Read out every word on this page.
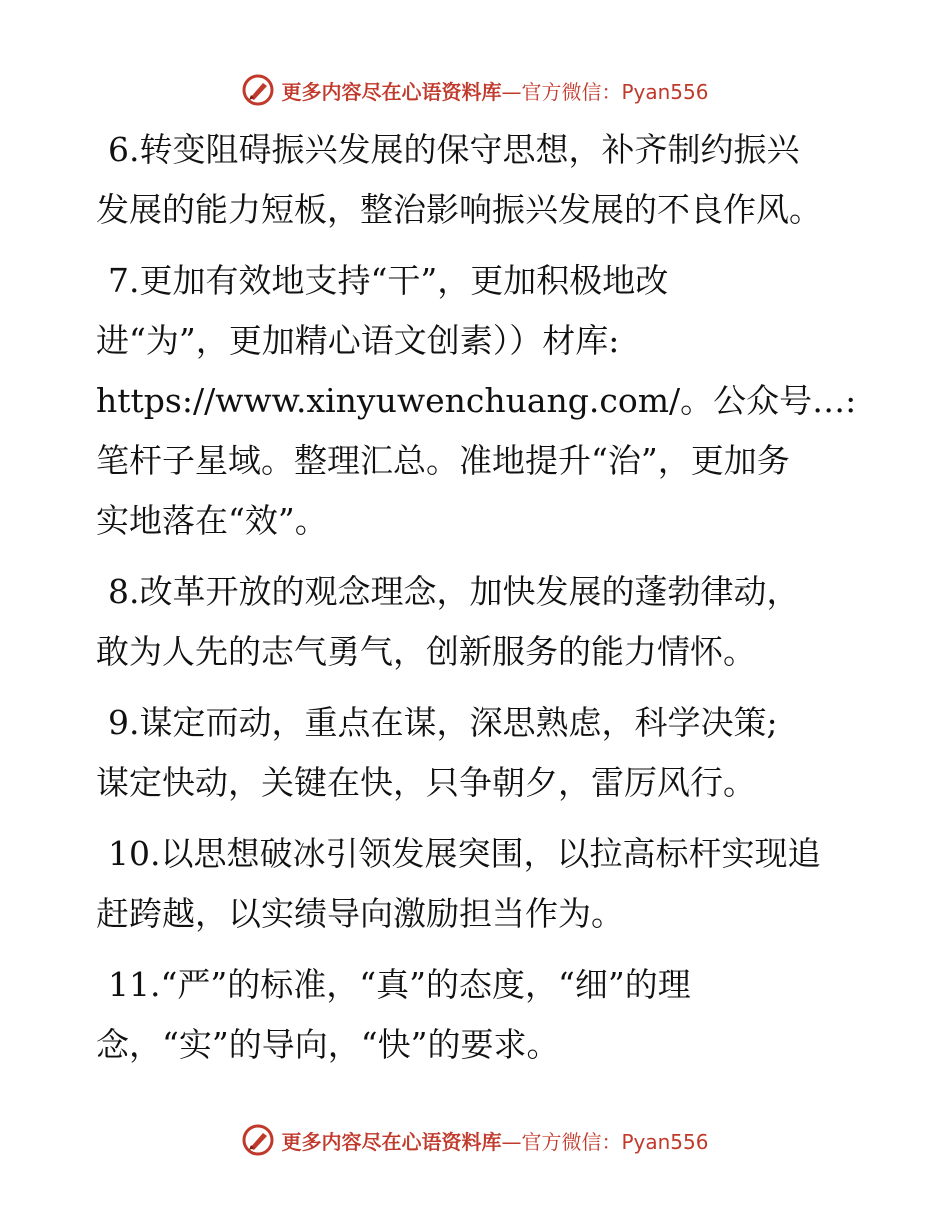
更多内容尽在心语资料库 —官方微信：Pyan556
6.转变阻碍振兴发展的保守思想，补齐制约振兴
发展的能力短板，整治影响振兴发展的不良作风。
7.更加有效地支持“干”，更加积极地改
进“为”，更加精心语文创素））材库:
https://www.xinyuwenchuang.com/。公众号…:
笔杆子星域。整理汇总。准地提升“治”，更加务
实地落在“效”。
8.改革开放的观念理念，加快发展的蓬勃律动，
敢为人先的志气勇气，创新服务的能力情怀。
9.谋定而动，重点在谋，深思熟虑，科学决策;
谋定快动，关键在快，只争朝夕，雷厉风行。
10.以思想破冰引领发展突围，以拉高标杆实现追
赶跨越，以实绩导向激励担当作为。
11.“严”的标准，“真”的态度，“细”的理
念，“实”的导向，“快”的要求。
更多内容尽在心语资料库 —官方微信：Pyan556
